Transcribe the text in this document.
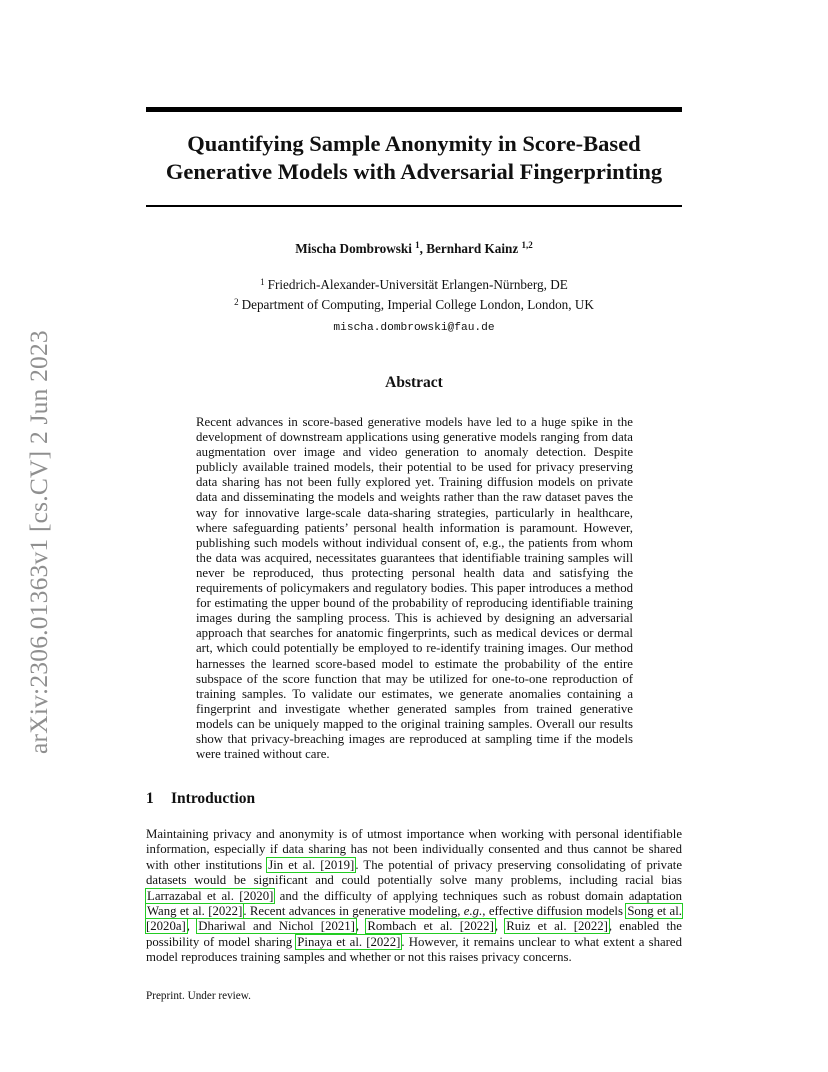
arXiv:2306.01363v1 [cs.CV] 2 Jun 2023
Quantifying Sample Anonymity in Score-Based
Generative Models with Adversarial Fingerprinting
Mischa Dombrowski $^1$, Bernhard Kainz $^{1,2}$
$^1$ Friedrich-Alexander-Universität Erlangen-Nürnberg, DE
$^2$ Department of Computing, Imperial College London, London, UK
mischa.dombrowski@fau.de
Abstract
Recent advances in score-based generative models have led to a huge spike in the development of downstream applications using generative models ranging from data augmentation over image and video generation to anomaly detection. Despite publicly available trained models, their potential to be used for privacy preserving data sharing has not been fully explored yet. Training diffusion models on private data and disseminating the models and weights rather than the raw dataset paves the way for innovative large-scale data-sharing strategies, particularly in healthcare, where safeguarding patients’ personal health information is paramount. However, publishing such models without individual consent of, e.g., the patients from whom the data was acquired, necessitates guarantees that identifiable training samples will never be reproduced, thus protecting personal health data and satisfying the requirements of policymakers and regulatory bodies. This paper introduces a method for estimating the upper bound of the probability of reproducing identifiable training images during the sampling process. This is achieved by designing an adversarial approach that searches for anatomic fingerprints, such as medical devices or dermal art, which could potentially be employed to re-identify training images. Our method harnesses the learned score-based model to estimate the probability of the entire subspace of the score function that may be utilized for one-to-one reproduction of training samples. To validate our estimates, we generate anomalies containing a fingerprint and investigate whether generated samples from trained generative models can be uniquely mapped to the original training samples. Overall our results show that privacy-breaching images are reproduced at sampling time if the models were trained without care.
1 Introduction
Maintaining privacy and anonymity is of utmost importance when working with personal identifiable information, especially if data sharing has not been individually consented and thus cannot be shared with other institutions Jin et al. [2019]. The potential of privacy preserving consolidating of private datasets would be significant and could potentially solve many problems, including racial bias Larrazabal et al. [2020] and the difficulty of applying techniques such as robust domain adaptation Wang et al. [2022]. Recent advances in generative modeling, e.g., effective diffusion models Song et al. [2020a], Dhariwal and Nichol [2021], Rombach et al. [2022], Ruiz et al. [2022], enabled the possibility of model sharing Pinaya et al. [2022]. However, it remains unclear to what extent a shared model reproduces training samples and whether or not this raises privacy concerns.
Preprint. Under review.
